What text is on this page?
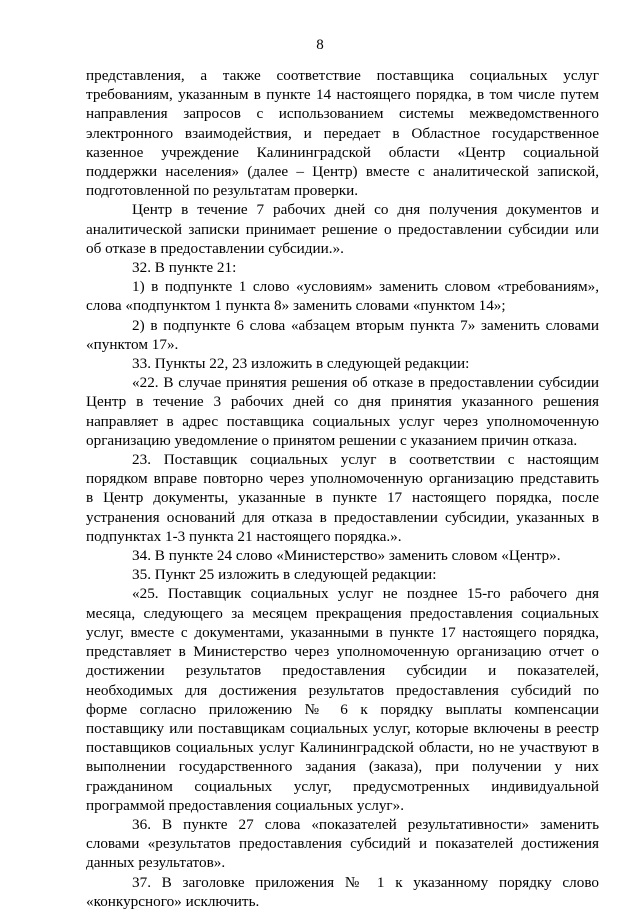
8

представления, а также соответствие поставщика социальных услуг
требованиям, указанным в пункте 14 настоящего порядка, в том числе путем
направления запросов с использованием системы межведомственного
электронного взаимодействия, и передает в Областное государственное
казенное учреждение Калининградской области «Центр социальной
поддержки населения» (далее – Центр) вместе с аналитической запиской,
подготовленной по результатам проверки.

Центр в течение 7 рабочих дней со дня получения документов и
аналитической записки принимает решение о предоставлении субсидии или
об отказе в предоставлении субсидии.».

32. В пункте 21:

1) в подпункте 1 слово «условиям» заменить словом «требованиям»,
слова «подпунктом 1 пункта 8» заменить словами «пунктом 14»;

2) в подпункте 6 слова «абзацем вторым пункта 7» заменить словами
«пунктом 17».

33. Пункты 22, 23 изложить в следующей редакции:

«22. В случае принятия решения об отказе в предоставлении субсидии
Центр в течение 3 рабочих дней со дня принятия указанного решения
направляет в адрес поставщика социальных услуг через уполномоченную
организацию уведомление о принятом решении с указанием причин отказа.

23. Поставщик социальных услуг в соответствии с настоящим
порядком вправе повторно через уполномоченную организацию представить
в Центр документы, указанные в пункте 17 настоящего порядка, после
устранения оснований для отказа в предоставлении субсидии, указанных в
подпунктах 1-3 пункта 21 настоящего порядка.».

34. В пункте 24 слово «Министерство» заменить словом «Центр».

35. Пункт 25 изложить в следующей редакции:

«25. Поставщик социальных услуг не позднее 15-го рабочего дня
месяца, следующего за месяцем прекращения предоставления социальных
услуг, вместе с документами, указанными в пункте 17 настоящего порядка,
представляет в Министерство через уполномоченную организацию отчет о
достижении результатов предоставления субсидии и показателей,
необходимых для достижения результатов предоставления субсидий по
форме согласно приложению № 6 к порядку выплаты компенсации
поставщику или поставщикам социальных услуг, которые включены в реестр
поставщиков социальных услуг Калининградской области, но не участвуют в
выполнении государственного задания (заказа), при получении у них
гражданином социальных услуг, предусмотренных индивидуальной
программой предоставления социальных услуг».

36. В пункте 27 слова «показателей результативности» заменить
словами «результатов предоставления субсидий и показателей достижения
данных результатов».

37. В заголовке приложения № 1 к указанному порядку слово
«конкурсного» исключить.
